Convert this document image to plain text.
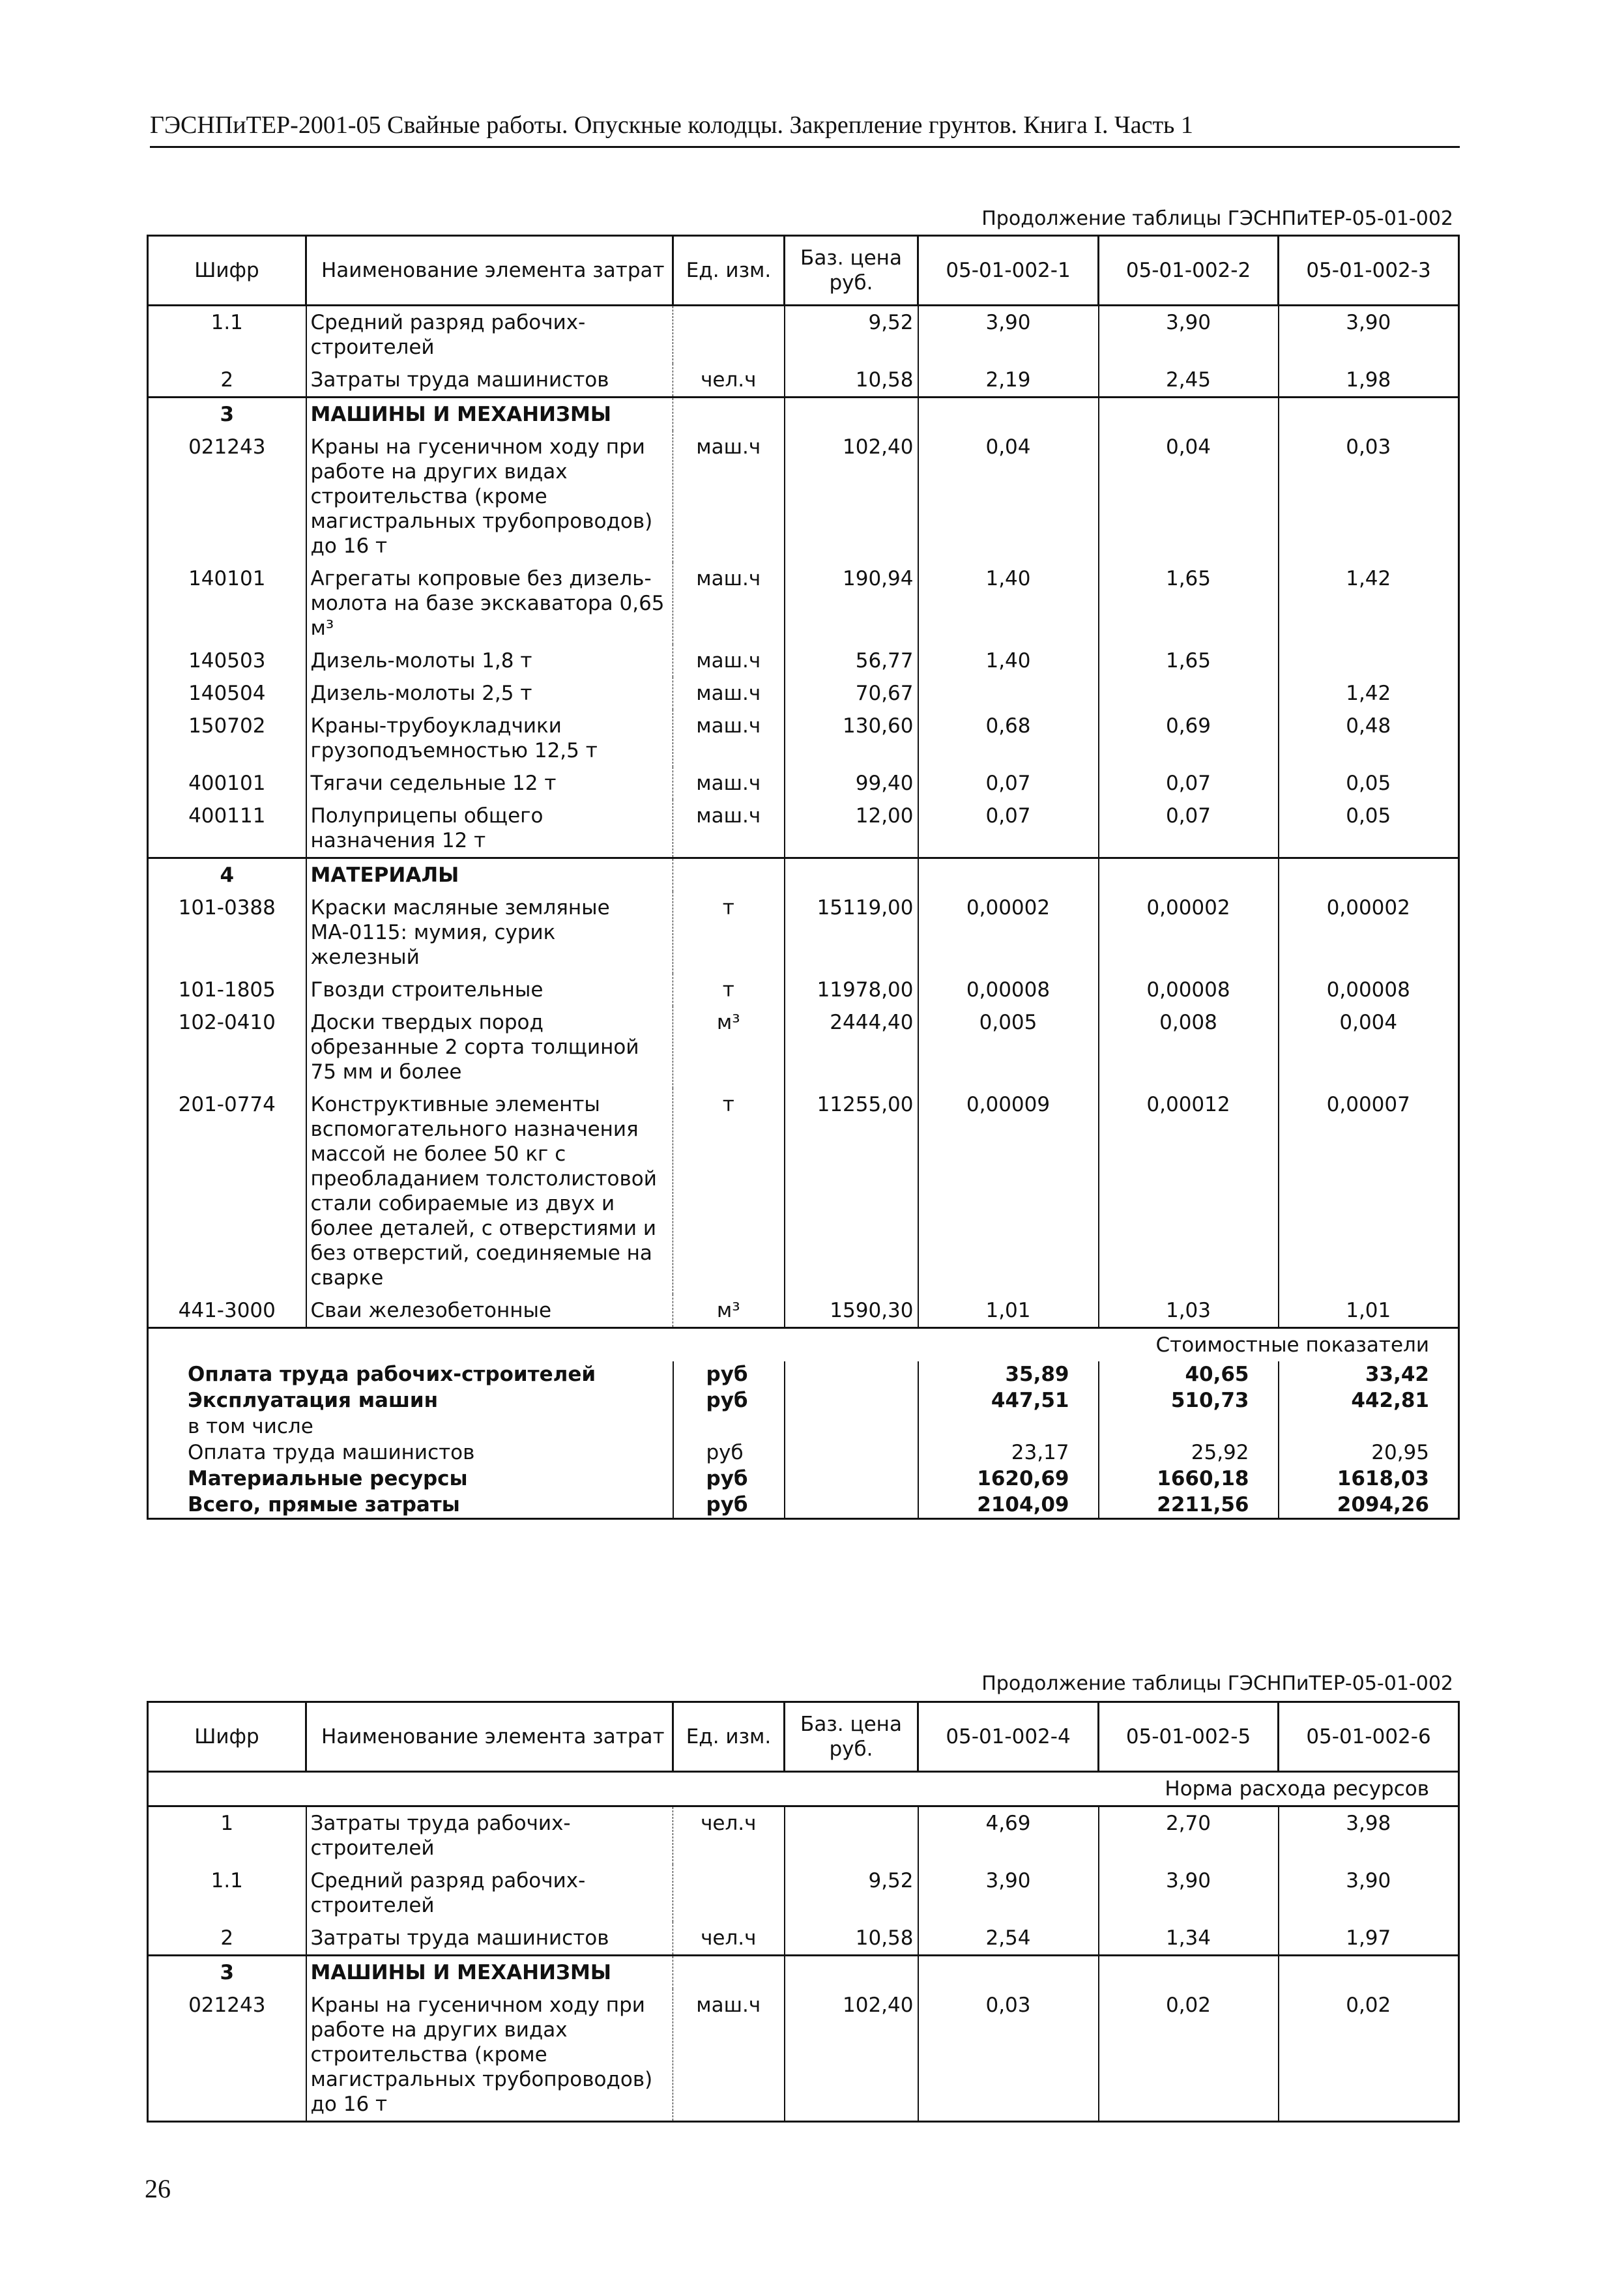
ГЭСНПиТЕР-2001-05 Свайные работы. Опускные колодцы. Закрепление грунтов. Книга I. Часть 1
Продолжение таблицы ГЭСНПиТЕР-05-01-002
Шифр	Наименование элемента затрат	Ед. изм.	Баз. цена руб.	05-01-002-1	05-01-002-2	05-01-002-3
1.1	Средний разряд рабочих-строителей		9,52	3,90	3,90	3,90
2	Затраты труда машинистов	чел.ч	10,58	2,19	2,45	1,98
3	МАШИНЫ И МЕХАНИЗМЫ					
021243	Краны на гусеничном ходу при работе на других видах строительства (кроме магистральных трубопроводов) до 16 т	маш.ч	102,40	0,04	0,04	0,03
140101	Агрегаты копровые без дизель-молота на базе экскаватора 0,65 м³	маш.ч	190,94	1,40	1,65	1,42
140503	Дизель-молоты 1,8 т	маш.ч	56,77	1,40	1,65	
140504	Дизель-молоты 2,5 т	маш.ч	70,67			1,42
150702	Краны-трубоукладчики грузоподъемностью 12,5 т	маш.ч	130,60	0,68	0,69	0,48
400101	Тягачи седельные 12 т	маш.ч	99,40	0,07	0,07	0,05
400111	Полуприцепы общего назначения 12 т	маш.ч	12,00	0,07	0,07	0,05
4	МАТЕРИАЛЫ					
101-0388	Краски масляные земляные МА-0115: мумия, сурик железный	т	15119,00	0,00002	0,00002	0,00002
101-1805	Гвозди строительные	т	11978,00	0,00008	0,00008	0,00008
102-0410	Доски твердых пород обрезанные 2 сорта толщиной 75 мм и более	м³	2444,40	0,005	0,008	0,004
201-0774	Конструктивные элементы вспомогательного назначения массой не более 50 кг с преобладанием толстолистовой стали собираемые из двух и более деталей, с отверстиями и без отверстий, соединяемые на сварке	т	11255,00	0,00009	0,00012	0,00007
441-3000	Сваи железобетонные	м³	1590,30	1,01	1,03	1,01
Стоимостные показатели						
Оплата труда рабочих-строителей		руб		35,89	40,65	33,42
Эксплуатация машин		руб		447,51	510,73	442,81
в том числе						
Оплата труда машинистов		руб		23,17	25,92	20,95
Материальные ресурсы		руб		1620,69	1660,18	1618,03
Всего, прямые затраты		руб		2104,09	2211,56	2094,26
Продолжение таблицы ГЭСНПиТЕР-05-01-002
Шифр	Наименование элемента затрат	Ед. изм.	Баз. цена руб.	05-01-002-4	05-01-002-5	05-01-002-6
Норма расхода ресурсов						
1	Затраты труда рабочих-строителей	чел.ч		4,69	2,70	3,98
1.1	Средний разряд рабочих-строителей		9,52	3,90	3,90	3,90
2	Затраты труда машинистов	чел.ч	10,58	2,54	1,34	1,97
3	МАШИНЫ И МЕХАНИЗМЫ					
021243	Краны на гусеничном ходу при работе на других видах строительства (кроме магистральных трубопроводов) до 16 т	маш.ч	102,40	0,03	0,02	0,02
26
